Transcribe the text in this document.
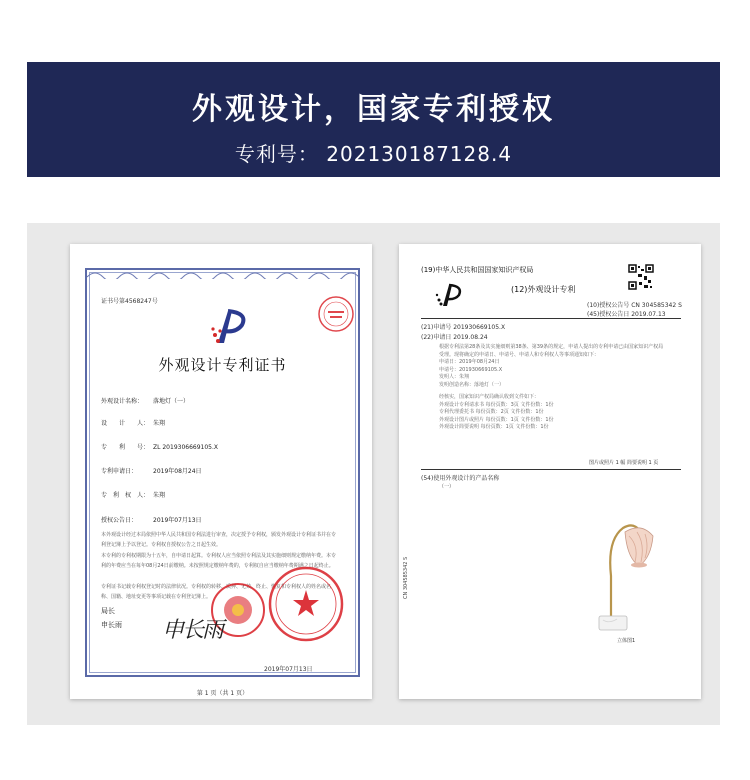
外观设计，国家专利授权
专利号： 202130187128.4
证书号第4568247号
外观设计专利证书
外观设计名称： 落地灯（一）
设　　计　　人： 朱翔
专　　利　　号： ZL 2019306669105.X
专利申请日：	2019年08月24日
专　利　权　人： 朱翔
授权公告日：	2019年07月13日
本外观设计经过本局依照中华人民共和国专利法进行审查，决定授予专利权，颁发外观设计专利证书并在专利登记簿上予以登记。专利权自授权公告之日起生效。
本专利的专利权期限为十五年，自申请日起算。专利权人应当依照专利法及其实施细则规定缴纳年费。本专利的年费应当在每年08月24日前缴纳。未按照规定缴纳年费的，专利权自应当缴纳年费期满之日起终止。
专利证书记载专利权登记时的法律状况。专利权的转移、质押、无效、终止、恢复和专利权人的姓名或名称、国籍、地址变更等事项记载在专利登记簿上。
局长
申长雨 申长雨
2019年07月13日
第 1 页（共 1 页）
(19)中华人民共和国国家知识产权局
(12)外观设计专利
(10)授权公告号 CN 304585342 S
(45)授权公告日 2019.07.13
(21)申请号 201930669105.X
(22)申请日 2019.08.24
根据专利法第28条及其实施细则第38条、第39条的规定，申请人提出的专利申请已由国家知识产权局
受理。现将确定的申请日、申请号、申请人和专利权人等事项通知如下：
申请日：2019年08月24日
申请号：201930669105.X
发明人：朱翔
发明创造名称：落地灯（一）
经核实，国家知识产权局确认收到文件如下：
外观设计专利请求书 每份页数：3页 文件份数：1份
专利代理委托书 每份页数：2页 文件份数：1份
外观设计图片或照片 每份页数：1页 文件份数：1份
外观设计简要说明 每份页数：1页 文件份数：1份
图片或照片 1 幅 简要说明 1 页
(54)使用外观设计的产品名称
（一）
立体图1
CN 304585342 S
